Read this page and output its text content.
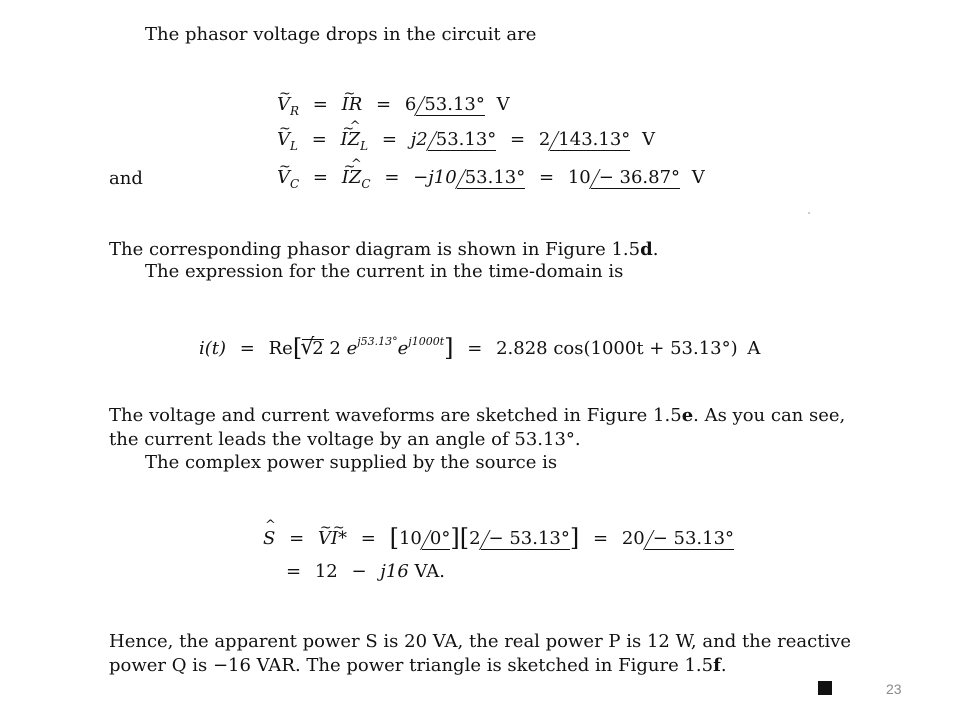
The phasor voltage drops in the circuit are
~ $V_R$ = ~ IR = 6 53.13° V
~ $V_L$ = ~ I^ $Z_L = j2$ 53.13° = 2 143.13° V
and	~ $V_C$ = ~ I^ $Z_C = -j10$ 53.13° = 10 − 36.87° V
The corresponding phasor diagram is shown in Figure 1.5d.
The expression for the current in the time-domain is
i(t) = Re[ √ 2 2 $e^{j53.13^\circ}e^{j1000t}] = 2.828$ cos(1000t + 53.13°) A
The voltage and current waveforms are sketched in Figure 1.5e. As you can see,
the current leads the voltage by an angle of 53.13°.
The complex power supplied by the source is
^ S = ~ V~ I* = [10 0°][2 − 53.13°] = 20 − 53.13°
= 12 − j16 VA.
Hence, the apparent power S is 20 VA, the real power P is 12 W, and the reactive
power Q is −16 VAR. The power triangle is sketched in Figure 1.5f.
23
